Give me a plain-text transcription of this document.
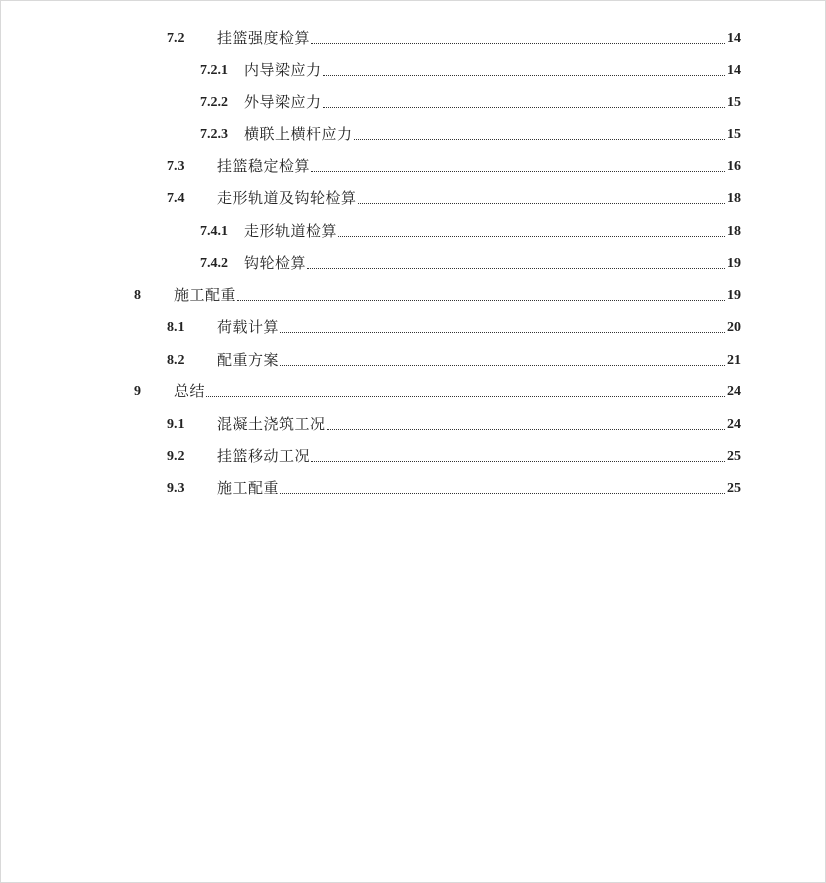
7.2	挂篮强度检算	14
7.2.1	内导梁应力	14
7.2.2	外导梁应力	15
7.2.3	横联上横杆应力	15
7.3	挂篮稳定检算	16
7.4	走形轨道及钩轮检算	18
7.4.1	走形轨道检算	18
7.4.2	钩轮检算	19
8	施工配重	19
8.1	荷载计算	20
8.2	配重方案	21
9	总结	24
9.1	混凝土浇筑工况	24
9.2	挂篮移动工况	25
9.3	施工配重	25
